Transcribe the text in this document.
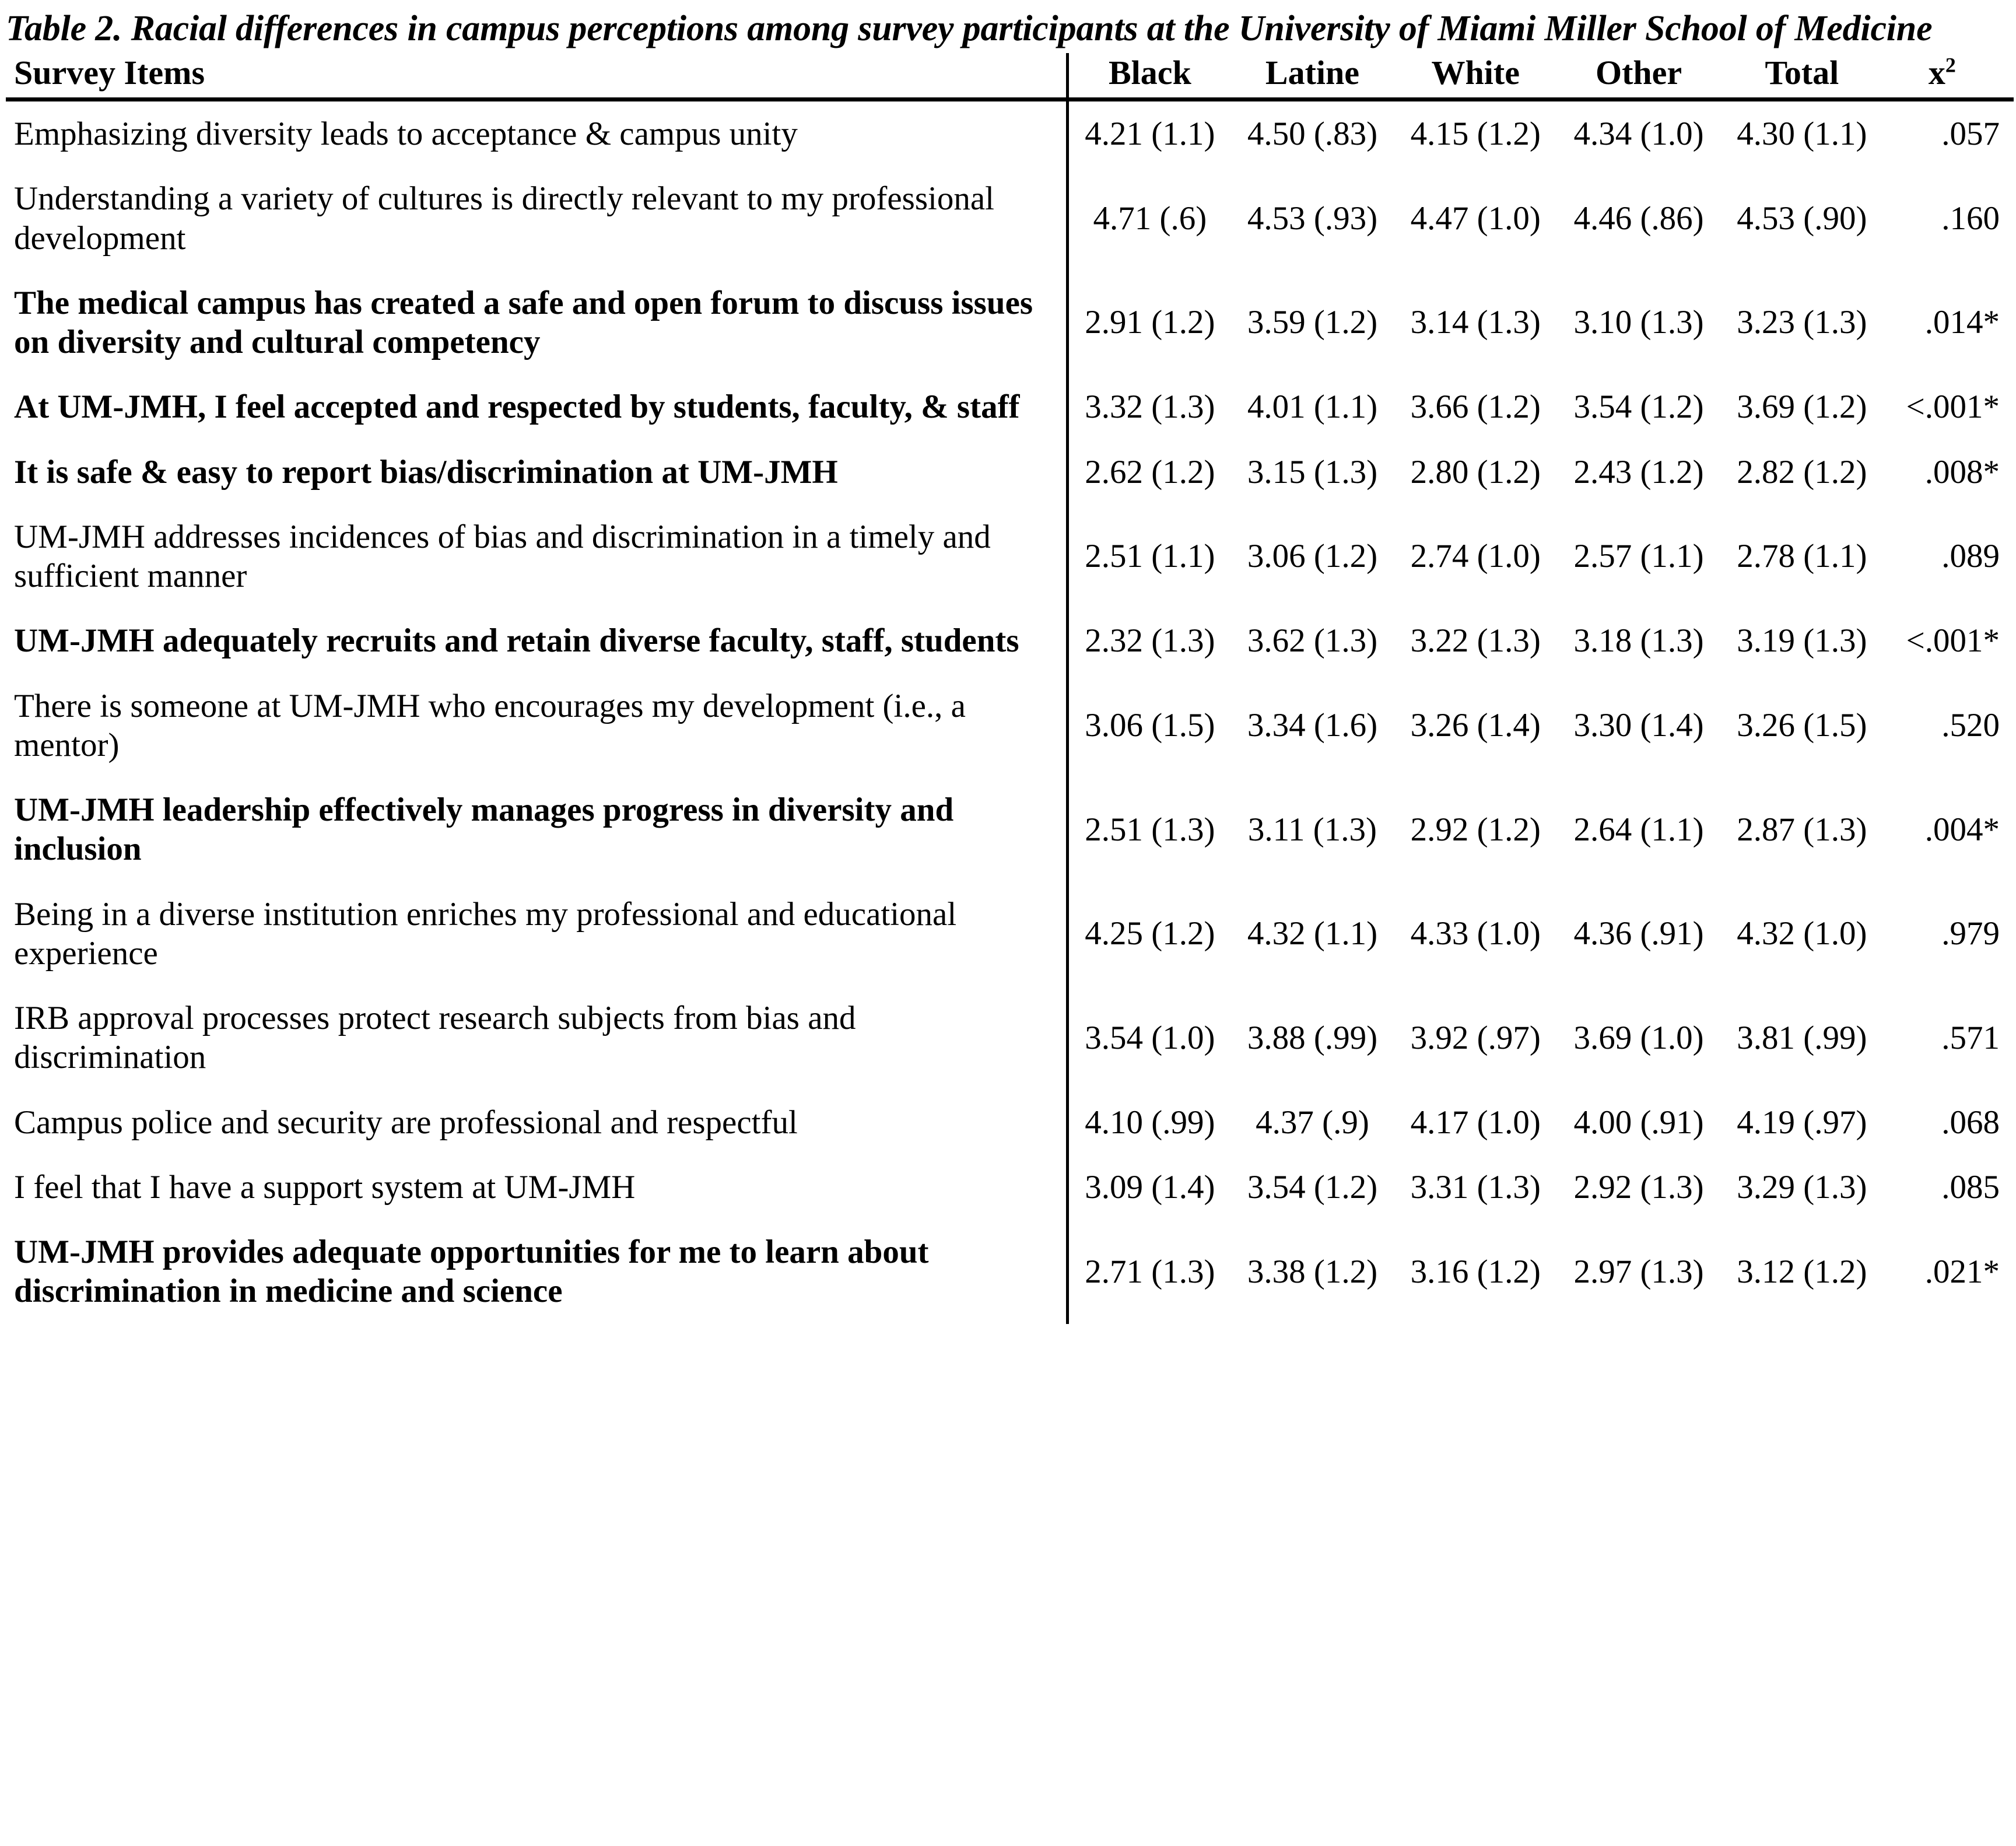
Table 2. Racial differences in campus perceptions among survey participants at the University of Miami Miller School of Medicine
Survey Items	Black	Latine	White	Other	Total	$x^2$
Emphasizing diversity leads to acceptance & campus unity	4.21 (1.1)	4.50 (.83)	4.15 (1.2)	4.34 (1.0)	4.30 (1.1)	.057
Understanding a variety of cultures is directly relevant to my professional development	4.71 (.6)	4.53 (.93)	4.47 (1.0)	4.46 (.86)	4.53 (.90)	.160
The medical campus has created a safe and open forum to discuss issues on diversity and cultural competency	2.91 (1.2)	3.59 (1.2)	3.14 (1.3)	3.10 (1.3)	3.23 (1.3)	.014*
At UM-JMH, I feel accepted and respected by students, faculty, & staff	3.32 (1.3)	4.01 (1.1)	3.66 (1.2)	3.54 (1.2)	3.69 (1.2)	<.001*
It is safe & easy to report bias/discrimination at UM-JMH	2.62 (1.2)	3.15 (1.3)	2.80 (1.2)	2.43 (1.2)	2.82 (1.2)	.008*
UM-JMH addresses incidences of bias and discrimination in a timely and sufficient manner	2.51 (1.1)	3.06 (1.2)	2.74 (1.0)	2.57 (1.1)	2.78 (1.1)	.089
UM-JMH adequately recruits and retain diverse faculty, staff, students	2.32 (1.3)	3.62 (1.3)	3.22 (1.3)	3.18 (1.3)	3.19 (1.3)	<.001*
There is someone at UM-JMH who encourages my development (i.e., a mentor)	3.06 (1.5)	3.34 (1.6)	3.26 (1.4)	3.30 (1.4)	3.26 (1.5)	.520
UM-JMH leadership effectively manages progress in diversity and inclusion	2.51 (1.3)	3.11 (1.3)	2.92 (1.2)	2.64 (1.1)	2.87 (1.3)	.004*
Being in a diverse institution enriches my professional and educational experience	4.25 (1.2)	4.32 (1.1)	4.33 (1.0)	4.36 (.91)	4.32 (1.0)	.979
IRB approval processes protect research subjects from bias and discrimination	3.54 (1.0)	3.88 (.99)	3.92 (.97)	3.69 (1.0)	3.81 (.99)	.571
Campus police and security are professional and respectful	4.10 (.99)	4.37 (.9)	4.17 (1.0)	4.00 (.91)	4.19 (.97)	.068
I feel that I have a support system at UM-JMH	3.09 (1.4)	3.54 (1.2)	3.31 (1.3)	2.92 (1.3)	3.29 (1.3)	.085
UM-JMH provides adequate opportunities for me to learn about discrimination in medicine and science	2.71 (1.3)	3.38 (1.2)	3.16 (1.2)	2.97 (1.3)	3.12 (1.2)	.021*
